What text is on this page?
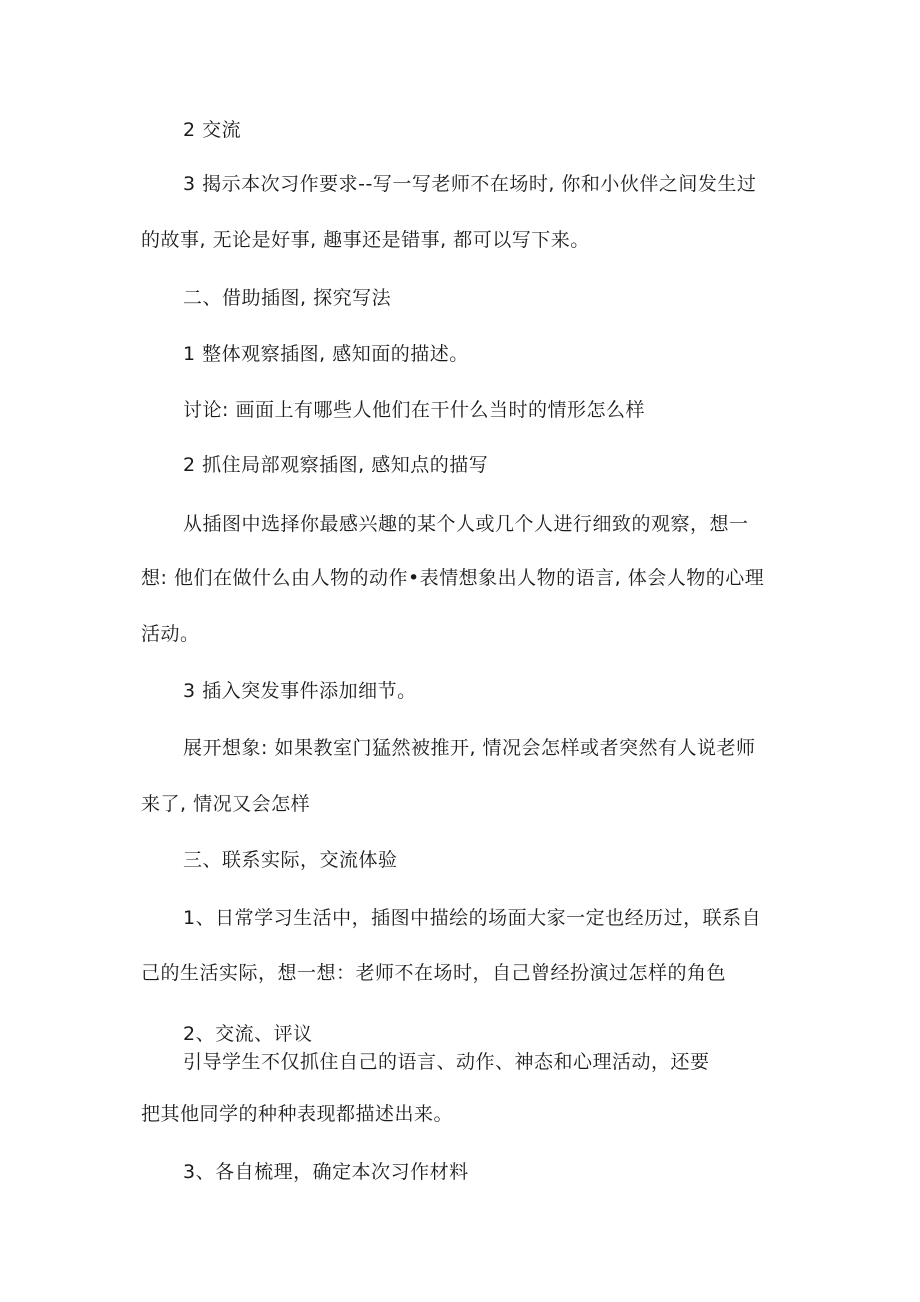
2 交流
3 揭示本次习作要求--写一写老师不在场时, 你和小伙伴之间发生过
的故事, 无论是好事, 趣事还是错事, 都可以写下来。
二、借助插图, 探究写法
1 整体观察插图, 感知面的描述。
讨论: 画面上有哪些人他们在干什么当时的情形怎么样
2 抓住局部观察插图, 感知点的描写
从插图中选择你最感兴趣的某个人或几个人进行细致的观察，想一
想: 他们在做什么由人物的动作•表情想象出人物的语言, 体会人物的心理
活动。
3 插入突发事件添加细节。
展开想象: 如果教室门猛然被推开, 情况会怎样或者突然有人说老师
来了, 情况又会怎样
三、联系实际，交流体验
1、日常学习生活中，插图中描绘的场面大家一定也经历过，联系自
己的生活实际，想一想：老师不在场时，自己曾经扮演过怎样的角色
2、交流、评议
引导学生不仅抓住自己的语言、动作、神态和心理活动，还要
把其他同学的种种表现都描述出来。
3、各自梳理，确定本次习作材料
